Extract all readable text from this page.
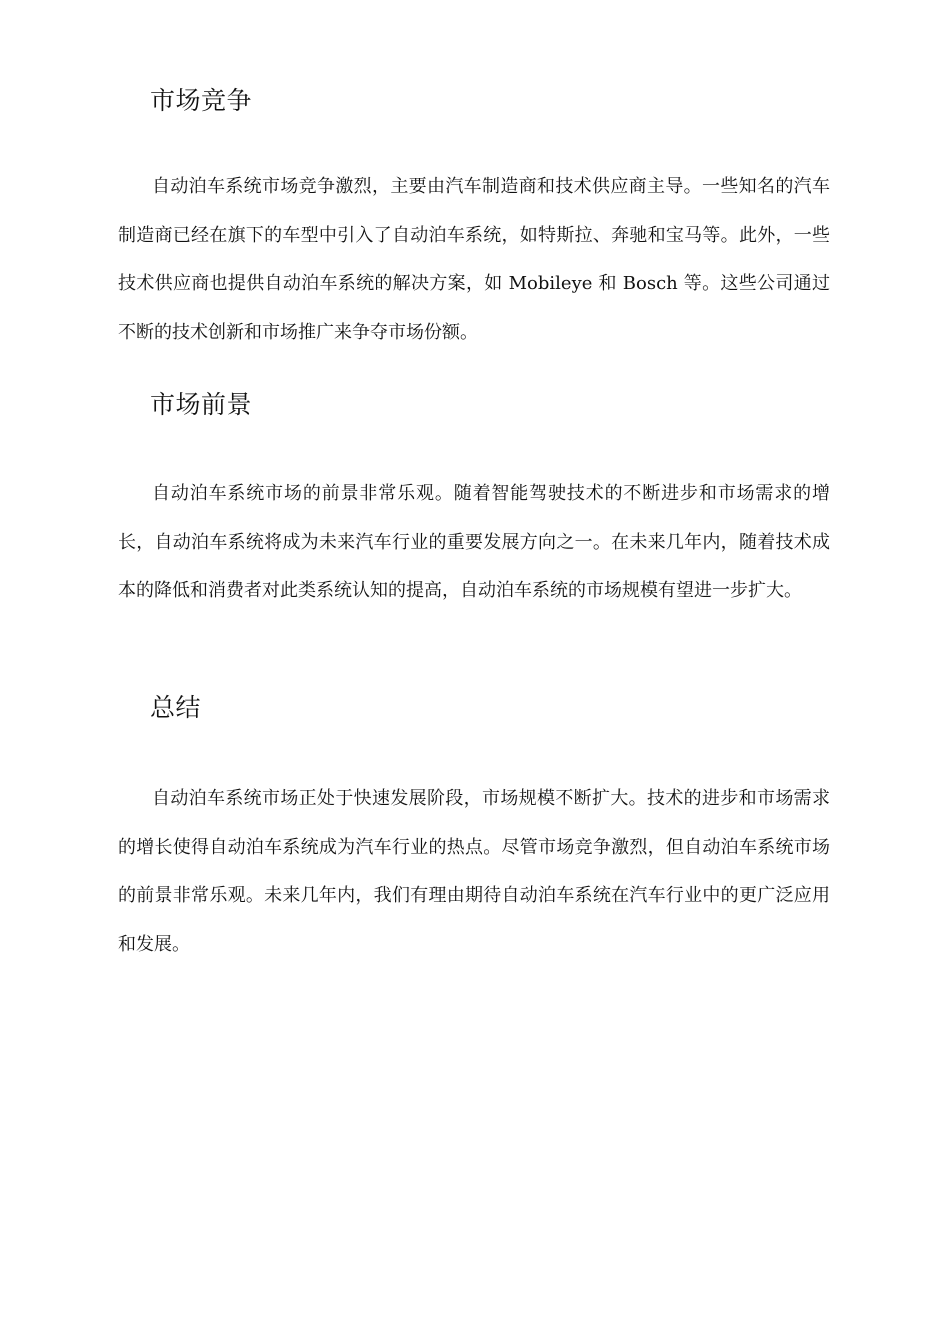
市场竞争

自动泊车系统市场竞争激烈，主要由汽车制造商和技术供应商主导。一些知名的汽车制造商已经在旗下的车型中引入了自动泊车系统，如特斯拉、奔驰和宝马等。此外，一些技术供应商也提供自动泊车系统的解决方案，如 Mobileye 和 Bosch 等。这些公司通过不断的技术创新和市场推广来争夺市场份额。

市场前景

自动泊车系统市场的前景非常乐观。随着智能驾驶技术的不断进步和市场需求的增长，自动泊车系统将成为未来汽车行业的重要发展方向之一。在未来几年内，随着技术成本的降低和消费者对此类系统认知的提高，自动泊车系统的市场规模有望进一步扩大。

总结

自动泊车系统市场正处于快速发展阶段，市场规模不断扩大。技术的进步和市场需求的增长使得自动泊车系统成为汽车行业的热点。尽管市场竞争激烈，但自动泊车系统市场的前景非常乐观。未来几年内，我们有理由期待自动泊车系统在汽车行业中的更广泛应用和发展。
